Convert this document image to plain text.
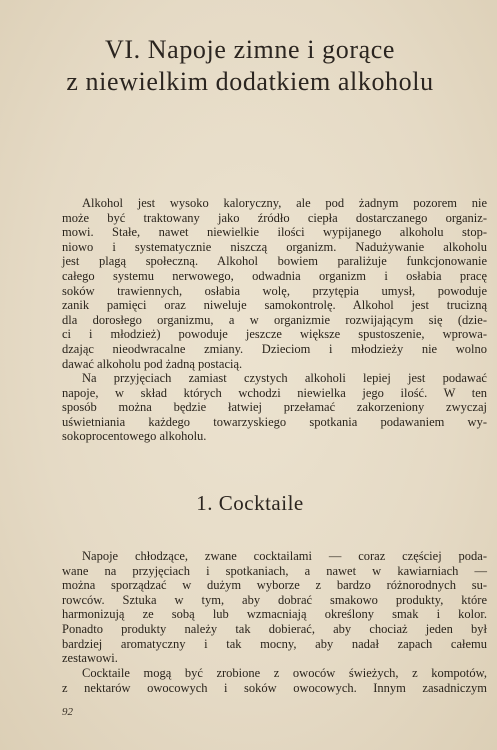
VI. Napoje zimne i gorące
z niewielkim dodatkiem alkoholu
Alkohol jest wysoko kaloryczny, ale pod żadnym pozorem nie
może być traktowany jako źródło ciepła dostarczanego organiz-
mowi. Stałe, nawet niewielkie ilości wypijanego alkoholu stop-
niowo i systematycznie niszczą organizm. Nadużywanie alkoholu
jest plagą społeczną. Alkohol bowiem paraliżuje funkcjonowanie
całego systemu nerwowego, odwadnia organizm i osłabia pracę
soków trawiennych, osłabia wolę, przytępia umysł, powoduje
zanik pamięci oraz niweluje samokontrolę. Alkohol jest trucizną
dla dorosłego organizmu, a w organizmie rozwijającym się (dzie-
ci i młodzież) powoduje jeszcze większe spustoszenie, wprowa-
dzając nieodwracalne zmiany. Dzieciom i młodzieży nie wolno
dawać alkoholu pod żadną postacią.
Na przyjęciach zamiast czystych alkoholi lepiej jest podawać
napoje, w skład których wchodzi niewielka jego ilość. W ten
sposób można będzie łatwiej przełamać zakorzeniony zwyczaj
uświetniania każdego towarzyskiego spotkania podawaniem wy-
sokoprocentowego alkoholu.
1. Cocktaile
Napoje chłodzące, zwane cocktailami — coraz częściej poda-
wane na przyjęciach i spotkaniach, a nawet w kawiarniach —
można sporządzać w dużym wyborze z bardzo różnorodnych su-
rowców. Sztuka w tym, aby dobrać smakowo produkty, które
harmonizują ze sobą lub wzmacniają określony smak i kolor.
Ponadto produkty należy tak dobierać, aby chociaż jeden był
bardziej aromatyczny i tak mocny, aby nadał zapach całemu
zestawowi.
Cocktaile mogą być zrobione z owoców świeżych, z kompotów,
z nektarów owocowych i soków owocowych. Innym zasadniczym
92
